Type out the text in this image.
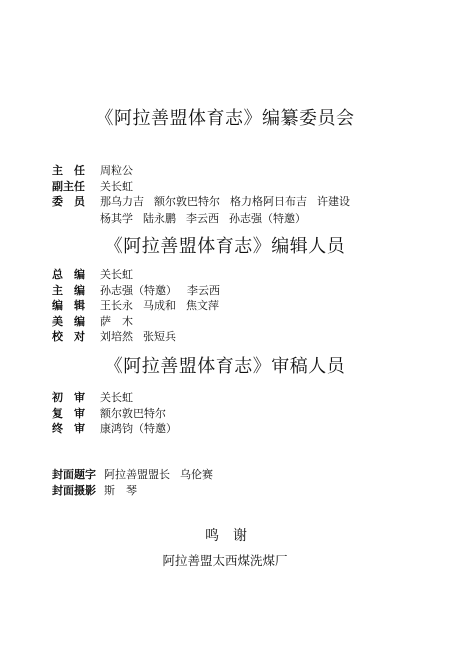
《阿拉善盟体育志》编纂委员会
主　任	周粒公
副主任	关长虹
委　员	那乌力吉 额尔敦巴特尔 格力格阿日布吉 许建设
杨其学 陆永鹏 李云西 孙志强（特邀）
《阿拉善盟体育志》编辑人员
总　编	关长虹
主　编	孙志强（特邀） 李云西
编　辑	王长永 马成和 焦文萍
美　编	萨　木
校　对	刘培然 张短兵
《阿拉善盟体育志》审稿人员
初　审	关长虹
复　审	额尔敦巴特尔
终　审	康鸿钧（特邀）
封面题字 阿拉善盟盟长 乌伦赛
封面摄影 斯　琴
鸣谢
阿拉善盟太西煤洗煤厂
